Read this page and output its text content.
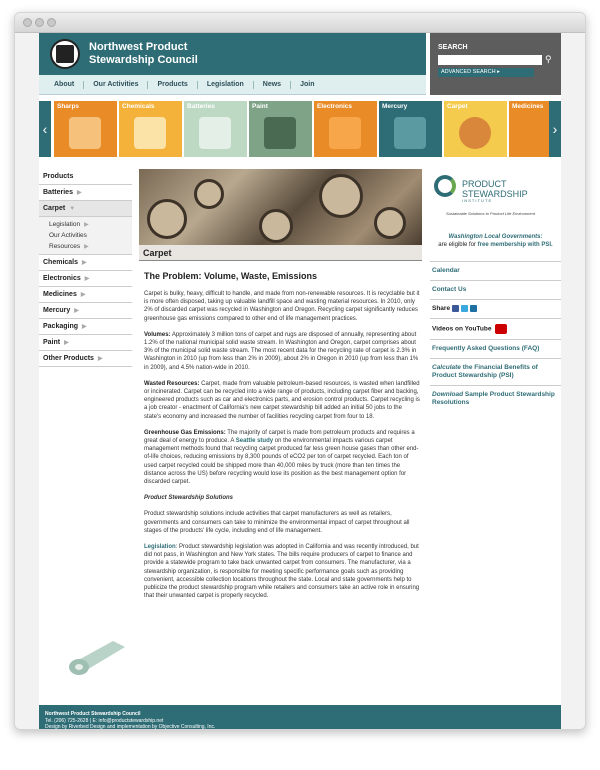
Northwest Product
Stewardship Council
About	Our Activities	Products	Legislation	News	Join
SEARCH
⚲
ADVANCED SEARCH ▸
‹
Sharps	Chemicals	Batteries	Paint	Electronics	Mercury	Carpet	Medicines
›
Products
Batteries ▶
Carpet ▼
Legislation ▶
Our Activities
Resources ▶
Chemicals ▶
Electronics ▶
Medicines ▶
Mercury ▶
Packaging ▶
Paint ▶
Other Products ▶
Carpet
The Problem: Volume, Waste, Emissions

Carpet is bulky, heavy, difficult to handle, and made from non-renewable resources. It is recyclable but it is more often disposed, taking up valuable landfill space and wasting material resources. In 2010, only 2% of discarded carpet was recycled in Washington and Oregon. Recycling carpet significantly reduces greenhouse gas emissions compared to other end of life management practices.

Volumes: Approximately 3 million tons of carpet and rugs are disposed of annually, representing about 1.2% of the national municipal solid waste stream. In Washington and Oregon, carpet comprises about 3% of the municipal solid waste stream. The most recent data for the recycling rate of carpet is 2.3% in Washington in 2010 (up from less than 2% in 2009), about 2% in Oregon in 2010 (up from less than 1% in 2009), and 4.5% nation-wide in 2010.

Wasted Resources: Carpet, made from valuable petroleum-based resources, is wasted when landfilled or incinerated. Carpet can be recycled into a wide range of products, including carpet fiber and backing, engineered products such as car and electronics parts, and erosion control products. Carpet recycling is a job creator - enactment of California's new carpet stewardship bill added an initial 50 jobs to the state's economy and increased the number of facilities recycling carpet from four to 18.

Greenhouse Gas Emissions: The majority of carpet is made from petroleum products and requires a great deal of energy to produce. A Seattle study on the environmental impacts various carpet management methods found that recycling carpet produced far less green house gases than other end-of-life choices, reducing emissions by 8,300 pounds of eCO2 per ton of carpet recycled. Each ton of used carpet recycled could be shipped more than 40,000 miles by truck (more than ten times the distance across the US) before recycling would lose its position as the best management option for discarded carpet.

Product Stewardship Solutions

Product stewardship solutions include activities that carpet manufacturers as well as retailers, governments and consumers can take to minimize the environmental impact of carpet throughout all stages of the products' life cycle, including end of life management.

Legislation: Product stewardship legislation was adopted in California and was recently introduced, but did not pass, in Washington and New York states. The bills require producers of carpet to finance and provide a statewide program to take back unwanted carpet from consumers. The manufacturer, via a stewardship organization, is responsible for meeting specific performance goals such as providing convenient, accessible collection locations throughout the state. Local and state governments help to publicize the product stewardship program while retailers and consumers take an active role in ensuring that their unwanted carpet is properly recycled.

PRODUCT
STEWARDSHIP
I N S T I T U T E
Sustainable Solutions to Product Life Environment
Washington Local Governments:
are eligible for free membership with PSI.
Calendar
Contact Us
Share
Videos on YouTube
Frequently Asked Questions (FAQ)
Calculate the Financial Benefits of Product Stewardship (PSI)
Download Sample Product Stewardship Resolutions
Northwest Product Stewardship Council
Tel. (206) 725-2628 | E: info@productstewardship.net
Design by Riverbed Design and implementation by Objective Consulting, Inc.
